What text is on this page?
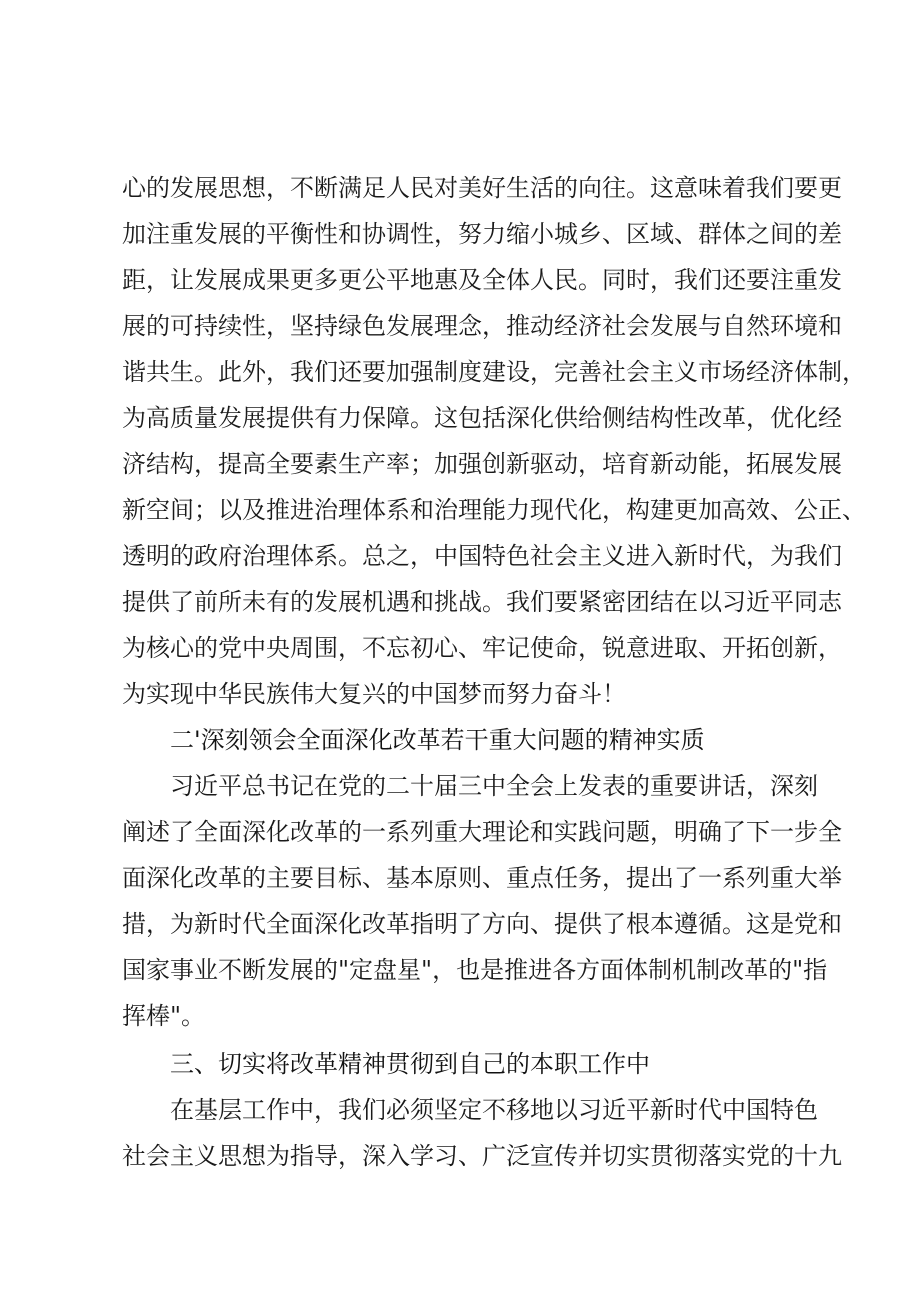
心的发展思想，不断满足人民对美好生活的向往。这意味着我们要更
加注重发展的平衡性和协调性，努力缩小城乡、区域、群体之间的差
距，让发展成果更多更公平地惠及全体人民。同时，我们还要注重发
展的可持续性，坚持绿色发展理念，推动经济社会发展与自然环境和
谐共生。此外，我们还要加强制度建设，完善社会主义市场经济体制，
为高质量发展提供有力保障。这包括深化供给侧结构性改革，优化经
济结构，提高全要素生产率；加强创新驱动，培育新动能，拓展发展
新空间；以及推进治理体系和治理能力现代化，构建更加高效、公正、
透明的政府治理体系。总之，中国特色社会主义进入新时代，为我们
提供了前所未有的发展机遇和挑战。我们要紧密团结在以习近平同志
为核心的党中央周围，不忘初心、牢记使命，锐意进取、开拓创新，
为实现中华民族伟大复兴的中国梦而努力奋斗！
二'深刻领会全面深化改革若干重大问题的精神实质
习近平总书记在党的二十届三中全会上发表的重要讲话，深刻
阐述了全面深化改革的一系列重大理论和实践问题，明确了下一步全
面深化改革的主要目标、基本原则、重点任务，提出了一系列重大举
措，为新时代全面深化改革指明了方向、提供了根本遵循。这是党和
国家事业不断发展的"定盘星"，也是推进各方面体制机制改革的"指
挥棒"。
三、切实将改革精神贯彻到自己的本职工作中
在基层工作中，我们必须坚定不移地以习近平新时代中国特色
社会主义思想为指导，深入学习、广泛宣传并切实贯彻落实党的十九
